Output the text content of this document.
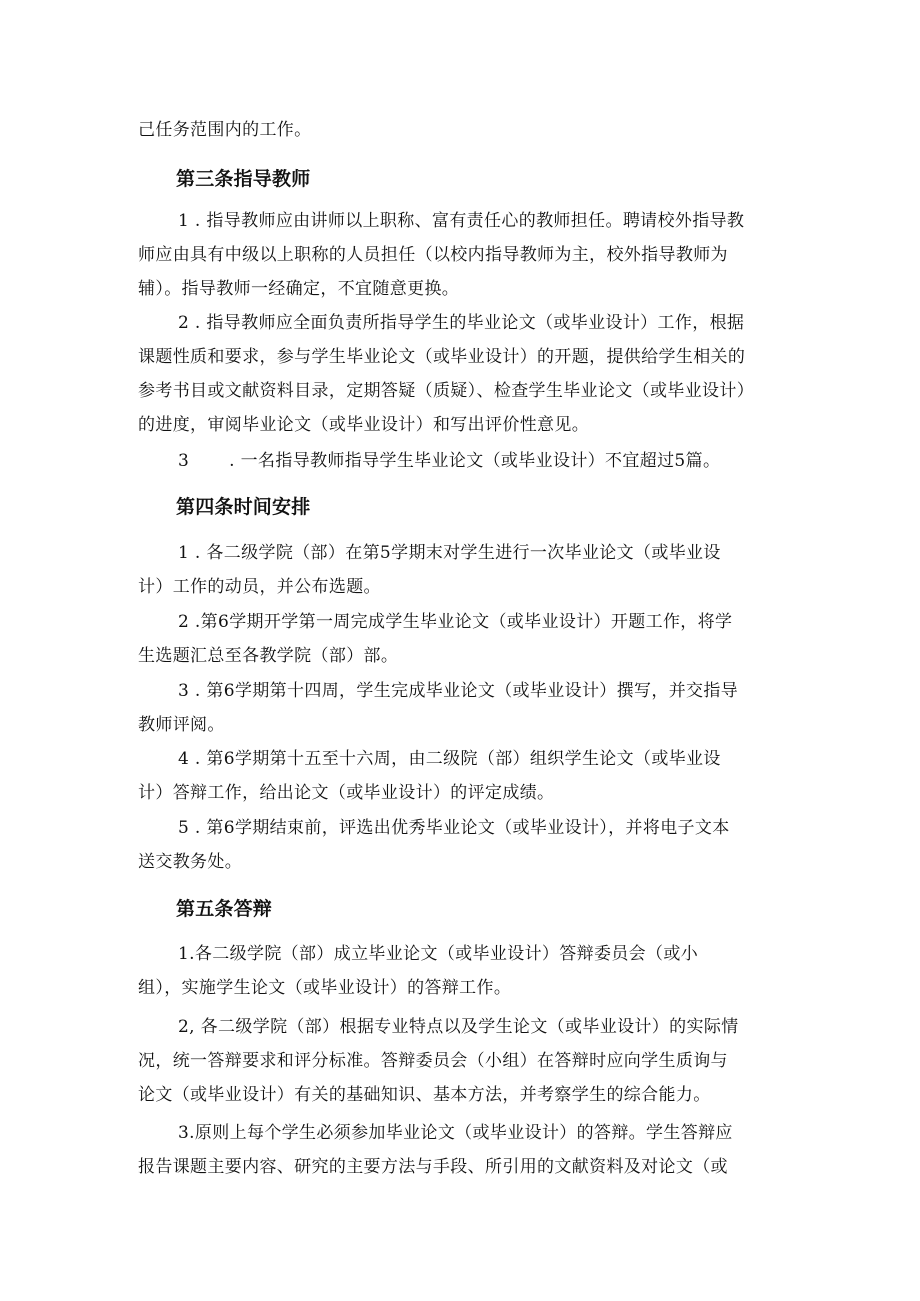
己任务范围内的工作。
第三条指导教师
1 . 指导教师应由讲师以上职称、富有责任心的教师担任。聘请校外指导教
师应由具有中级以上职称的人员担任（以校内指导教师为主，校外指导教师为
辅）。指导教师一经确定，不宜随意更换。
2 . 指导教师应全面负责所指导学生的毕业论文（或毕业设计）工作，根据
课题性质和要求，参与学生毕业论文（或毕业设计）的开题，提供给学生相关的
参考书目或文献资料目录，定期答疑（质疑）、检查学生毕业论文（或毕业设计）
的进度，审阅毕业论文（或毕业设计）和写出评价性意见。
3 . 一名指导教师指导学生毕业论文（或毕业设计）不宜超过5篇。
第四条时间安排
1 . 各二级学院（部）在第5学期末对学生进行一次毕业论文（或毕业设
计）工作的动员，并公布选题。
2 .第6学期开学第一周完成学生毕业论文（或毕业设计）开题工作，将学
生选题汇总至各教学院（部）部。
3 . 第6学期第十四周，学生完成毕业论文（或毕业设计）撰写，并交指导
教师评阅。
4 . 第6学期第十五至十六周，由二级院（部）组织学生论文（或毕业设
计）答辩工作，给出论文（或毕业设计）的评定成绩。
5 . 第6学期结束前，评选出优秀毕业论文（或毕业设计），并将电子文本
送交教务处。
第五条答辩
1.各二级学院（部）成立毕业论文（或毕业设计）答辩委员会（或小
组），实施学生论文（或毕业设计）的答辩工作。
2, 各二级学院（部）根据专业特点以及学生论文（或毕业设计）的实际情
况，统一答辩要求和评分标准。答辩委员会（小组）在答辩时应向学生质询与
论文（或毕业设计）有关的基础知识、基本方法，并考察学生的综合能力。
3.原则上每个学生必须参加毕业论文（或毕业设计）的答辩。学生答辩应
报告课题主要内容、研究的主要方法与手段、所引用的文献资料及对论文（或
